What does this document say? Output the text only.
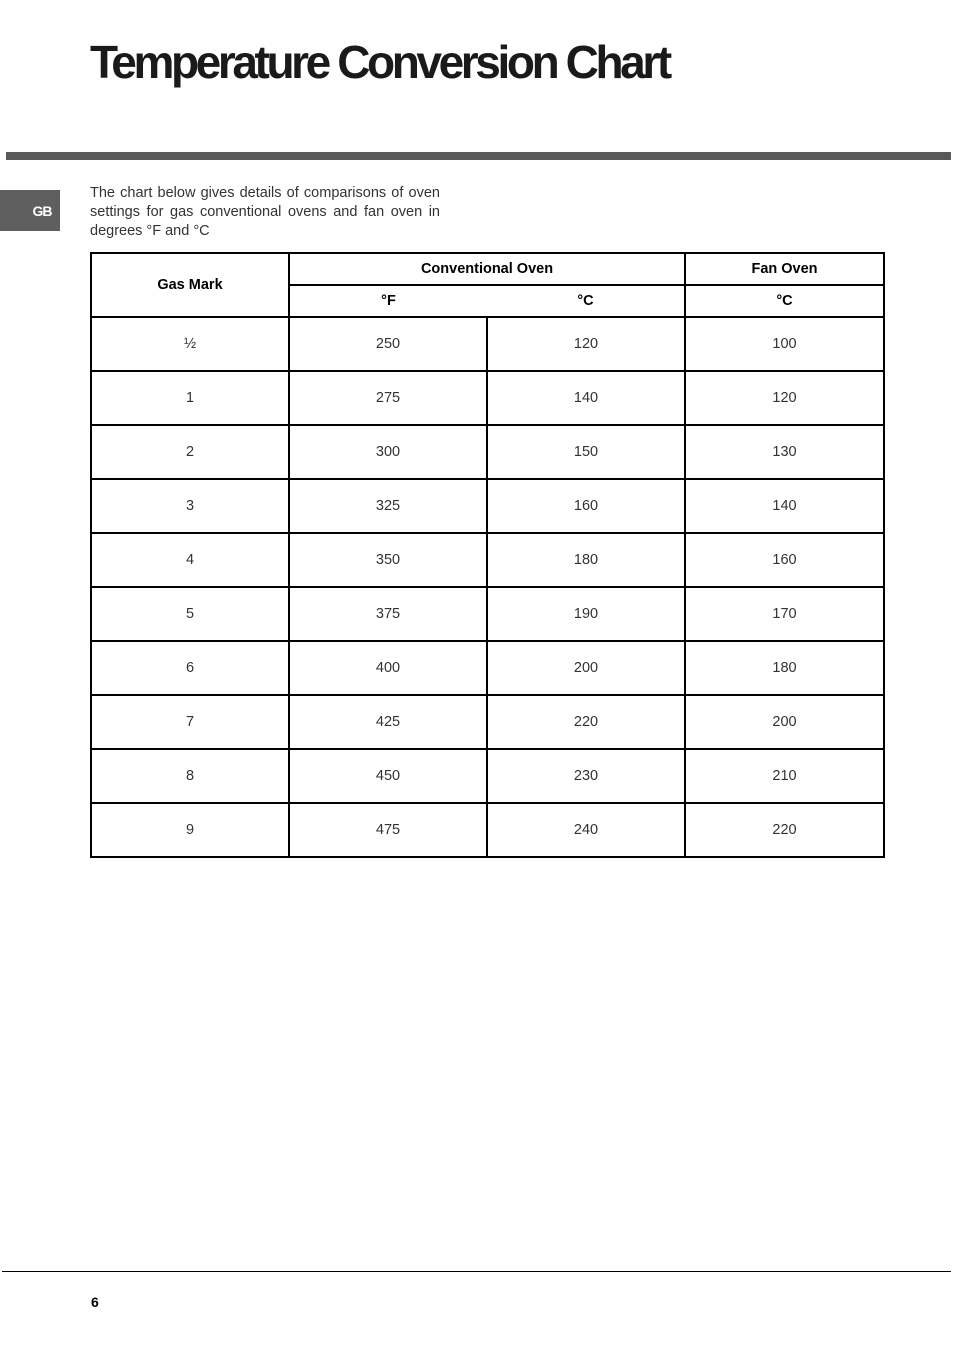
Temperature Conversion Chart
GB
The chart below gives details of comparisons of oven settings for gas conventional ovens and fan oven in degrees °F and °C
Gas Mark	Conventional Oven		Fan Oven
	°F	°C	°C
½	250	120	100
1	275	140	120
2	300	150	130
3	325	160	140
4	350	180	160
5	375	190	170
6	400	200	180
7	425	220	200
8	450	230	210
9	475	240	220
6
